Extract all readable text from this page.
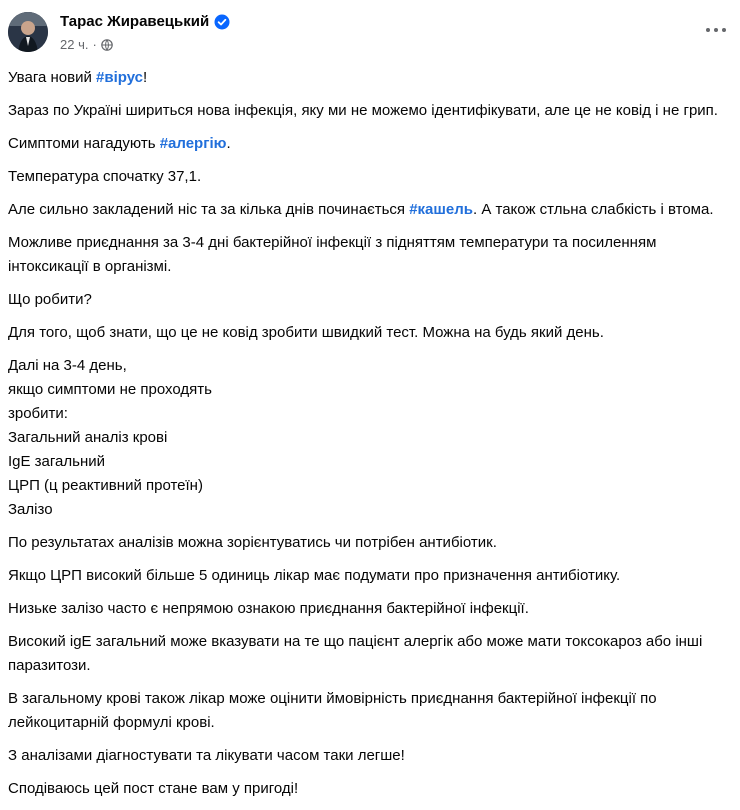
Тарас Жиравецький
22 ч. ·

Увага новий #вірус!

Зараз по Україні шириться нова інфекція, яку ми не можемо ідентифікувати, але це не ковід і не грип.

Симптоми нагадують #алергію.

Температура спочатку 37,1.

Але сильно закладений ніс та за кілька днів починається #кашель. А також стльна слабкість і втома.

Можливе приєднання за 3-4 дні бактерійної інфекції з підняттям температури та посиленням інтоксикації в організмі.

Що робити?

Для того, щоб знати, що це не ковід зробити швидкий тест. Можна на будь який день.

Далі на 3-4 день,
якщо симптоми не проходять
зробити:
Загальний аналіз крові
IgE загальний
ЦРП (ц реактивний протеїн)
Залізо

По результатах аналізів можна зорієнтуватись чи потрібен антибіотик.

Якщо ЦРП високий більше 5 одиниць лікар має подумати про призначення антибіотику.

Низьке залізо часто є непрямою ознакою приєднання бактерійної інфекції.

Високий igE загальний може вказувати на те що пацієнт алергік або може мати токсокароз або інші паразитози.

В загальному крові також лікар може оцінити ймовірність приєднання бактерійної інфекції по лейкоцитарній формулі крові.

З аналізами діагностувати та лікувати часом таки легше!

Сподіваюсь цей пост стане вам у пригоді!
